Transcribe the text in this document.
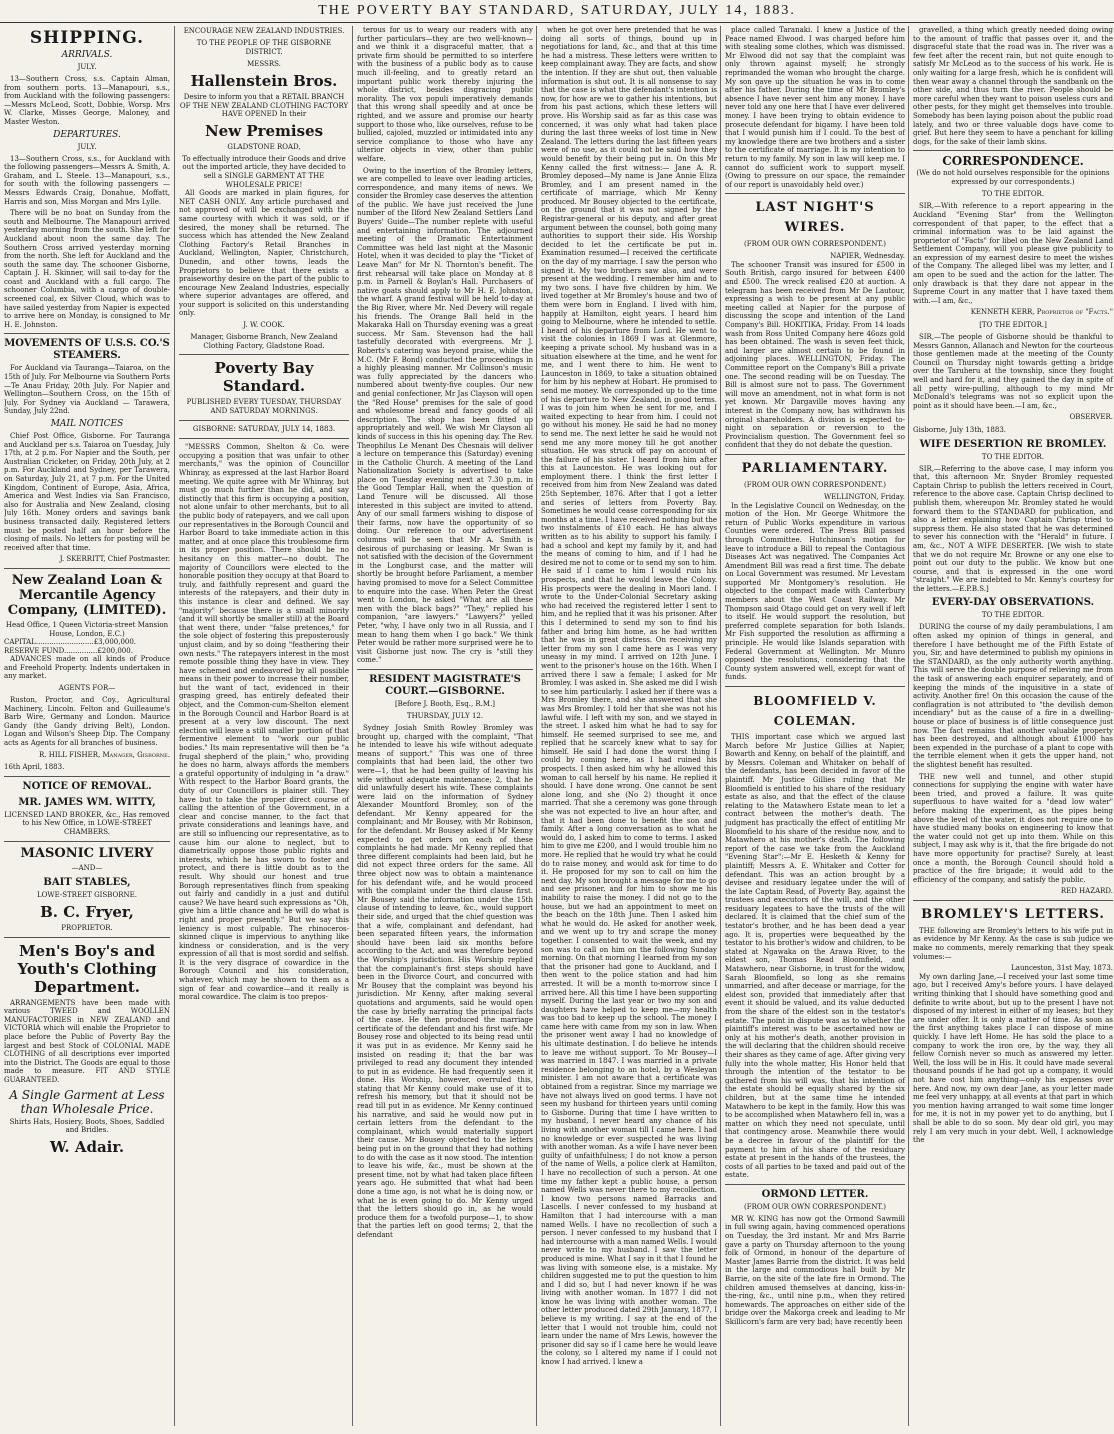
THE POVERTY BAY STANDARD, SATURDAY, JULY 14, 1883.
SHIPPING.
ARRIVALS.
JULY.

13—Southern Cross, s.s. Captain Alman, from southern ports. 13—Manapouri, s.s., from Auckland with the following passengers:—Messrs McLeod, Scott, Dobbie, Worsp. Mrs W. Clarke, Misses George, Maloney, and Master Weston.

DEPARTURES.
JULY.

13—Southern Cross, s.s., for Auckland with the following passengers—Messrs A. Smith, A. Graham, and L. Steele. 13—Manapouri, s.s., for south with the following passengers — Messrs Edwards Craig, Donahue, Moffatt, Harris and son, Miss Morgan and Mrs Lylle.

There will be no boat on Sunday from the south and Melbourne. The Manapouri arrived yesterday morning from the south. She left for Auckland about noon the same day. The Southern Cross arrived yesterday morning from the north. She left for Auckland and the south the same day. The schooner Gisborne, Captain J. H. Skinner, will sail to-day for the coast and Auckland with a full cargo. The schooner Columbia, with a cargo of double-screened coal, ex Silver Cloud, which was to have sailed yesterday from Napier is expected to arrive here on Monday, is consigned to Mr H. E. Johnston.

MOVEMENTS OF U.S.S. CO.'S STEAMERS.

For Auckland via Tauranga—Taiaroa, on the 15th of July. For Melbourne via Southern Ports—Te Anau Friday, 20th July. For Napier and Wellington—Southern Cross, on the 15th of July. For Sydney via Auckland — Tarawera, Sunday, July 22nd.

MAIL NOTICES

Chief Post Office, Gisborne. For Tauranga and Auckland per s.s. Taiaroa on Tuesday, July 17th, at 2 p.m. For Napier and the South, per Australian Cricketer, on Friday, 20th July, at 2 p.m. For Auckland and Sydney, per Tarawera, on Saturday, July 21, at 7 p.m. For the United Kingdom, Continent of Europe, Asia, Africa, America and West Indies via San Francisco, also for Australia and New Zealand, closing July 16th. Money orders and savings bank business transacted daily. Registered letters must be posted half an hour before the closing of mails. No letters for posting will be received after that time.

J. SKERRITT, Chief Postmaster.
New Zealand Loan & Mercantile Agency Company, (LIMITED).
Head Office, 1 Queen Victoria-street Mansion House, London, E.C.)
CAPITAL..........................£3,000,000.
RESERVE FUND...............£200,000.

ADVANCES made on all kinds of Produce and Freehold Property. Indents undertaken in any market.

AGENTS FOR—

Ruston, Proctor, and Coy., Agricultural Machinery, Lincoln. Felton and Guilleaume's Barb Wire, Germany and London. Maurice Gandy (the Gandy driving Belt), London. Logan and Wilson's Sheep Dip. The Company acts as Agents for all branches of business.

R. HILL FISHER, Manager, Gisborne.
16th April, 1883.
NOTICE OF REMOVAL.
MR. JAMES WM. WITTY,
LICENSED LAND BROKER, &c., Has removed to his New Office, in LOWE-STREET CHAMBERS.
MASONIC LIVERY
—AND—
BAIT STABLES,
LOWE-STREET GISBORNE.
B. C. Fryer,
PROPRIETOR.
Men's Boy's and Youth's Clothing Department.

ARRANGEMENTS have been made with various TWEED and WOOLLEN MANUFACTORIES in NEW ZEALAND and VICTORIA which will enable the Proprietor to place before the Public of Poverty Bay the largest and best Stock of COLONIAL MADE CLOTHING of all descriptions ever imported into the District. The Goods are equal to those made to measure. FIT AND STYLE GUARANTEED.

A Single Garment at Less than Wholesale Price.
Shirts Hats, Hosiery, Boots, Shoes, Saddled and Bridles.
W. Adair.
ENCOURAGE NEW ZEALAND INDUSTRIES.
TO THE PEOPLE OF THE GISBORNE DISTRICT.
MESSRS.
Hallenstein Bros.
Desire to inform you that a RETAIL BRANCH OF THE NEW ZEALAND CLOTHING FACTORY HAVE OPENED In their
New Premises
GLADSTONE ROAD,
To effectually introduce their Goods and drive out the imported article, they have decided to sell a SINGLE GARMENT AT THE WHOLESALE PRICE!

All Goods are marked in plain figures, for NET CASH ONLY. Any article purchased and not approved of will be exchanged with the same courtesy with which it was sold, or if desired, the money shall be returned. The success which has attended the New Zealand Clothing Factory's Retail Branches in Auckland, Wellington, Napier, Christchurch, Dunedin, and other towns, leads the Proprietors to believe that there exists a praiseworthy desire on the part of the public to encourage New Zealand Industries, especially where superior advantages are offered, and your support is solicited on this understanding only.

J. W. COOK.
Manager, Gisborne Branch, New Zealand Clothing Factory, Gladstone Road.
Poverty Bay Standard.
PUBLISHED EVERY TUESDAY, THURSDAY AND SATURDAY MORNINGS.
GISBORNE: SATURDAY, JULY 14, 1883.

"MESSRS Common, Shelton & Co. were occupying a position that was unfair to other merchants," was the opinion of Councillor Whinray, as expressed at the last Harbor Board meeting. We quite agree with Mr Whinray, but must go much further than he did, and say distinctly that this firm is occupying a position, not alone unfair to other merchants, but to all the public body of ratepayers, and we call upon our representatives in the Borough Council and Harbor Board to take immediate action in this matter, and at once place this troublesome firm in its proper position. There should be no hesitancy on this matter—no doubt. The majority of Councillors were elected to the honorable position they occupy at that Board to truly, and faithfully represent and guard the interests of the ratepayers, and their duty in this instance is clear and defined. We say "majority" because there is a small minority (and it will shortly be smaller still) at the Board that went there, under "false pretences," for the sole object of fostering this preposterously unjust claim, and by so doing "feathering their own nests." The ratepayers interest in the most remote possible thing they have in view. They have schemed and endeavored by all possible means in their power to increase their number, but the want of tact, evidenced in their grasping greed, has entirely defeated their object, and the Common-cum-Shelton element in the Borough Council and Harbor Board is at present at a very low discount. The next election will leave a still smaller portion of that fermentive element to "work our public bodies." Its main representative will then be "a frugal shepherd of the plain," who, providing he does no harm, always affords the members a grateful opportunity of indulging in "a draw." With respect to the Harbor Board grants, the duty of our Councillors is plainer still. They have but to take the proper direct course of calling the attention of the Government, in a clear and concise manner, to the fact that private considerations and leanings have, and are still so influencing our representative, as to cause him our alone to neglect, but to diametrically oppose those public rights and interests, which he has sworn to foster and protect, and there is little doubt as to the result. Why should our honest and true Borough representatives flinch from speaking out fairly and candidly in a just and dutiful cause? We have heard such expressions as "Oh, give him a little chance and he will do what is right and proper presently." But we say this leniency is most culpable. The rhinoceros-skinned clique is impervious to anything like kindness or consideration, and is the very expression of all that is most sordid and selfish. It is the very disgrace of cowardice in the Borough Council and his consideration, whatever, which may be shown to them as a sign of fear and cowardice—and it really is moral cowardice. The claim is too prepos-

terous for us to weary our readers with any further particulars—they are two well-known—and we think it a disgraceful matter, that a private firm should be permitted to so interfere with the business of a public body as to cause much ill-feeling, and to greatly retard an important public work thereby injuring the whole district, besides disgracing public morality. The vox populi imperatively demands that this wrong shall speedily and at once be righted, and we assure and promise our hearty support to those who, like ourselves, refuse to be bullied, cajoled, muzzled or intimidated into any service compliance to those who have any ulterior objects in view, other than public welfare.

Owing to the insertion of the Bromley letters, we are compelled to leave over leading articles, correspondence, and many items of news. We consider the Bromley case deserves the attention of the public. We have just received the June number of the Ilford New Zealand Settlers Land Buyers' Guide—The number replete with useful and entertaining information. The adjourned meeting of the Dramatic Entertainment Committee was held last night at the Masonic Hotel, when it was decided to play the "Ticket of Leave Man" for Mr N. Thornton's benefit. The first rehearsal will take place on Monday at 8 p.m. in Parnell & Boylan's Hall. Purchasers of native goats should apply to Mr H. E. Johnston, the wharf. A grand festival will be held to-day at the Big River, where Mr. Ned Devery will regale his friends. The Orange Ball held in the Makaraka Hall on Thursday evening was a great success. Mr Sam. Stevenson had the hall tastefully decorated with evergreens. Mr J. Roberts's catering was beyond praise, while the M.C. (Mr F. Bond) conducted the proceedings in a highly pleasing manner. Mr Collinson's music was fully appreciated by the dancers who numbered about twenty-five couples. Our new and genial confectioner, Mr Jas Clayson will open the "Red House" premises for the sale of good and wholesome bread and fancy goods of all description. The shop has been fitted up appropriately and well. We wish Mr Clayson all kinds of success in this his opening day. The Rev. Theophilus Le Menant Des Chesnais will deliver a lecture on temperance this (Saturday) evening in the Catholic Church. A meeting of the Land Nationalization Society is advertised to take place on Tuesday evening next at 7.30 p.m. in the Good Templar Hall, when the question of Land Tenure will be discussed. All those interested in this subject are invited to attend. Any of our small farmers wishing to dispose of their farms, now have the opportunity of so doing. Our reference to our advertisement columns will be seen that Mr A. Smith is desirous of purchasing or leasing. Mr Swan is not satisfied with the decision of the Government in the Longburst case, and the matter will shortly be brought before Parliament, a member having promised to move for a Select Committee to enquire into the case. When Peter the Great went to London, he asked "What are all these men with the black bags?" "They," replied his companion, "are lawyers." "Lawyers?" yelled Peter, "why, I have only two in all Russia, and I mean to hang them when I go back." We think Peter would be rather more surprised were he to visit Gisborne just now. The cry is "still they come."

RESIDENT MAGISTRATE'S COURT.—GISBORNE.
[Before J. Booth, Esq., R.M.]
THURSDAY, JULY 12.

Sydney Josiah Smith Rowley Bromley was brought up, charged with the complaint, "That he intended to leave his wife without adequate means of support." This was one of three complaints that had been laid, the other two were—1, that he had been guilty of leaving his wife without adequate maintenance; 2, that he did unlawfully desert his wife. These complaints were laid on the information of Sydney Alexander Mountford Bromley, son of the defendant. Mr Kenny appeared for the complainant; and Mr Bousey, with Mr Robinson, for the defendant. Mr Bousey asked if Mr Kenny expected to get orders on each of these complaints he had made. Mr Kenny replied that three different complaints had been laid, but he did not expect three orders for the same. All three object now was to obtain a maintenance for his defendant wife, and he would proceed with the complaint under the third clause first. Mr Bousey said the information under the 15th clause of intending to leave, &c., would support their side, and urged that the chief question was that a wife, complainant and defendant, had been separated fifteen years, the information should have been laid six months before according to the Act, and was therefore beyond the Worship's jurisdiction. His Worship replied that the complainant's first steps should have been in the Divorce Court, and concurred with Mr Bousey that the complaint was beyond his jurisdiction. Mr Kenny, after making several quotations and arguments, said he would open the case by briefly narrating the principal facts of the case. He then produced the marriage certificate of the defendant and his first wife. Mr Bousey rose and objected to its being read until it was put in as evidence. Mr Kenny said he insisted on reading it; that the bar was privileged to read any document they intended to put in as evidence. He had frequently seen it done. His Worship, however, overruled this, stating that Mr Kenny could make use of it to refresh his memory, but that it should not be read till put in as evidence. Mr Kenny continued his narrative, and said he would now put in certain letters from the defendant to the complainant, which would materially support their cause. Mr Bousey objected to the letters being put in on the ground that they had nothing to do with the case as it now stood. The intention to leave his wife, &c., must be shown at the present time, not by what had taken place fifteen years ago. He submitted that what had been done a time ago, is not what he is doing now, or what he is even going to do. Mr Kenny urged that the letters should go in, as he would produce them for a twofold purpose—1, to show that the parties left on good terms; 2, that the defendant

when he got over here pretended that he was doing all sorts of things, bound up in negotiations for land, &c., and that at this time he had a mistress. These letters were written to keep complainant away. They are facts, and show the intention. If they are shut out, then valuable information is shut out. It is all nonsense to say that the case is what the defendant's intention is now, for how are we to gather his intentions, but from his past actions, which these letters will prove. His Worship said as far as this case was concerned, it was only what had taken place during the last three weeks of lost time in New Zealand. The letters during the last fifteen years were of no use, as it could not be said how they would benefit by their being put in. On this Mr Kenny called the first witness:— Jane A. R. Bromley deposed—My name is Jane Annie Eliza Bromley, and I am present named in the certificate of marriage, which Mr Kenny produced. Mr Bousey objected to the certificate, on the ground that it was not signed by the Registrar-general or his deputy, and after great argument between the counsel, both going many authorities to support their side. His Worship decided to let the certificate be put in. Examination resumed—I received the certificate on the day of my marriage. I saw the person who signed it. My two brothers saw also, and were present at the wedding. I remember him and to my two sons. I have five children by him. We lived together at Mr Bromley's house and two of them were born in England. I lived with him, happily at Hamilton, eight years. I heard him going to Melbourne, where he intended to settle. I heard of his departure from Lord. He went to visit the colonies in 1869 I was at Glenmore, keeping a private school. My husband was in a situation elsewhere at the time, and he went for me, and I went there to him. He went to Launceston in 1869, to take a situation obtained for him by his nephew at Hobart. He promised to send me money. We corresponded up to the time of his departure to New Zealand, in good terms. I was to join him when he sent for me, and I waited expecting to hear from him. I could not go without his money. He said he had no money to send me. The next letter he said he would not send me any more money till he got another situation. He was struck off pay on account of the failure of his sister. I heard from him after this at Launceston. He was looking out for employment there. I think the first letter I received from him from New Zealand was dated 25th September, 1876. After that I got a letter and series of letters from Poverty Bay. Sometimes he would cease corresponding for six months at a time. I have received nothing but the two instalments of £10 each. He has always written as to his ability to support his family. I had a school and kept my family by it, and had the means of coming to him, and if I had he desired me not to come or to send my son to him. He said if I came to him I would ruin his prospects, and that he would leave the Colony. His prospects were the dealing in Maori land. I wrote to the Under-Colonial Secretary asking who had received the registered letter I sent to him, and he replied that it was his prisoner. After this I determined to send my son to find his father and bring him home, as he had written that he was in great distress. On receiving my letter from my son I came here as I was very uneasy in my mind. I arrived on 12th June. I went to the prisoner's house on the 16th. When I arrived there I saw a female; I asked for Mr Bromley. I was asked in. She asked me did I wish to see him particularly. I asked her if there was a Mrs Bromley there, and she answered that she was Mrs Bromley. I told her that she was not his lawful wife. I left with my son, and we stayed in the street. I asked him what he had to say for himself. He seemed surprised to see me, and replied that he scarcely knew what to say for himself. He said I had done the worst thing I could by coming here, as I had ruined his prospects. I then asked him why he allowed this woman to call herself by his name. He replied it should. I have done wrong. One cannot be sent alone long, and she (No 2) thought it once married. That she a ceremony was gone through she was not expected to live an hour after, and that it had been done to benefit the son and family. After a long conversation as to what he would do, I asked him to come to terms. I asked him to give me £200, and I would trouble him no more. He replied that he would try what he could do to raise money, and would ask for time to do it. He proposed for my son to call on him the next day. My son brought a message for me to go and see prisoner, and for him to show me his inability to raise the money. I did not go to the house, but we had an appointment to meet on the beach on the 18th June. Then I asked him what he would do. He asked for another week, and we went up to try and scrape the money together. I consented to wait the week, and my son was to call on him on the following Sunday morning. On that morning I learned from my son that the prisoner had gone to Auckland, and I then went to the police station and had him arrested. It will be a month to-morrow since I arrived here. All this time I have been supporting myself. During the last year or two my son and daughters have helped to keep me—my health was too bad to keep up the school. The money I came here with came from my son in law. When the prisoner went away I had no knowledge of his ultimate destination. I do believe he intends to leave me without support. To Mr Bousey—I was married in 1847. I was married in a private residence belonging to an hotel, by a Wesleyan minister. I am not aware that a certificate was obtained from a registrar. Since my marriage we have not always lived on good terms. I have not seen my husband for thirteen years until coming to Gisborne. During that time I have written to my husband, I never heard any chance of his living with another woman till I came here. I had no knowledge or ever suspected he was living with another woman. As a wife I have never been guilty of unfaithfulness; I do not know a person of the name of Wells, a police clerk at Hamilton, I have no recollection of such a person. At one time my father kept a public house, a person named Wells was never there to my recollection. I know two persons named Barracks and Lascells. I never confessed to my husband at Hamilton that I had intercourse with a man named Wells. I have no recollection of such a person. I never confessed to my husband that I had intercourse with a man named Wells. I would never write to my husband. I saw the letter produced is mine. What I say in it that I found he was living with someone else, is a mistake. My children suggested me to put the question to him and I did so, but I had never known if he was living with another woman. In 1877 I did not know he was living with another woman. The other letter produced dated 29th January, 1877, I believe is my writing. I say at the end of the letter that I would not trouble him, could not learn under the name of Mrs Lewis, however the prisoner did say so if I came here he would leave the colony, so I altered my name if I could not know I had arrived. I knew a

place called Taranaki. I knew a Justice of the Peace named Elwood. I was charged before him with stealing some clothes, which was dismissed. Mr Elwood did not say that the complaint was only thrown against myself; he strongly reprimanded the woman who brought the charge. My son gave up the situation he was in to come after his father. During the time of Mr Bromley's absence I have never sent him any money. I have never told any one here that I have ever delivered money. I have been trying to obtain evidence to prosecute defendant for bigamy. I have been told that I would punish him if I could. To the best of my knowledge there are two brothers and a sister to the certificate of marriage. It is my intention to return to my family. My son in law will keep me. I cannot do sufficient work to support myself. (Owing to pressure on our space, the remainder of our report is unavoidably held over.)

LAST NIGHT'S WIRES.
(FROM OUR OWN CORRESPONDENT.)
NAPIER, Wednesday.

The schooner Transit was insured for £500 in South British, cargo insured for between £400 and £500. The wreck realised £20 at auction. A telegram has been received from Mr De Lautour, expressing a wish to be present at any public meeting called at Napier for the purpose of discussing the scope and intention of the Land Company's Bill. HOKITIKA, Friday. From 14 loads wash from Ross United Company here 46ozs gold has been obtained. The wash is seven feet thick, and larger are almost certain to be found in adjoining places. WELLINGTON, Friday. The Committee report on the Company's Bill a private one. The second reading will be on Tuesday. The Bill is almost sure not to pass. The Government will move an amendment, not in what form is not yet known. Mr Dargaville moves having any interest in the Company now, has withdrawn his original shareholders. A division is expected to-night on separation or reversion to the Provincialism question. The Government feel so confident that they do not debate the question.

PARLIAMENTARY.
(FROM OUR OWN CORRESPONDENT.)
WELLINGTON, Friday.

In the Legislative Council on Wednesday, on the motion of the Hon. Mr George Whitmore the return of Public Works expenditure in various Counties were ordered. The Press Bill passed through Committee. Hutchinson's motion for leave to introduce a Bill to repeal the Contagious Diseases Act was negatived. The Companies Act Amendment Bill was read a first time. The debate on Local Government was resumed. Mr Levestam supported Mr Montgomery's resolution. He objected to the compact made with Canterbury members about the West Coast Railway. Mr Thompson said Otago could get on very well if left to itself. He would support the resolution, but preferred complete separation for both Islands. Mr Fish supported the resolution as affirming a principle. He would like Islands separation with Federal Government at Wellington. Mr Munro opposed the resolutions, considering that the County system answered well, except for want of funds.

BLOOMFIELD V. COLEMAN.

THIS important case which we argued last March before Mr Justice Gillies at Napier, Bowarth and Kenny, on behalf of the plaintiff, and by Messrs. Coleman and Whitaker on behalf of the defendants, has been decided in favor of the plaintiff. Mr Justice Gillies ruling that Mr Bloomfield is entitled to his share of the residuary estate as also, and that the effect of the clause relating to the Matawhero Estate mean to let a contract between the mother's death. The judgment has practically the effect of entitling Mr Bloomfield to his share of the residue now, and to Matawhero at his mother's death. The following report of the case we take from the Auckland "Evening Star":—Mr E. Hesketh & Kenny for plaintiff; Messrs A. E. Whitaker and Cotter for defendant. This was an action brought by a devisee and residuary legatee under the will of the late Captain Read, of Poverty Bay, against the trustees and executors of the will, and the other residuary legatees to have the trusts of the will declared. It is claimed that the chief sum of the testator's brother, and he has been dead a year ago. It is, properties were bequeathed by the testator to his brother's widow and children, to be stated at Ngawaka on the Arawa River, to the eldest son, Thomas Read Bloomfield, and Matawhero, near Gisborne, in trust for the widow, Sarah Bloomfield, so long as she remains unmarried, and after decease or marriage, for the eldest son, provided that immediately after that event it should be valued, and its value deducted from the share of the eldest son in the testator's estate. The point in dispute was as to whether the plaintiff's interest was to be ascertained now or only at his mother's death, another provision in the will declaring that the children should receive their shares as they came of age. After giving very fully into the whole matter, His Honor held that through the intention of the testator to be gathered from his will was, that his intention of the estate should be equally shared by the six children, but at the same time he intended Matawhero to be kept in the family. How this was to be accomplished when Matawhero fell in, was a matter on which they need not speculate, until that contingency arose. Meanwhile there would be a decree in favour of the plaintiff for the payment to him of his share of the residuary estate at present in the hands of the trustees, the costs of all parties to be taxed and paid out of the estate.

ORMOND LETTER.
(FROM OUR OWN CORRESPONDENT.)

MR W. KING has now got the Ormond Sawmill in full swing again, having commenced operations on Tuesday, the 3rd instant. Mr and Mrs Barrie gave a party on Thursday afternoon to the young folk of Ormond, in honour of the departure of Master James Barrie from the district. It was held in the large and commodious hall built by Mr Barrie, on the site of the late fire in Ormond. The children amused themselves at dancing, kiss-in-the-ring, &c., until nine p.m., when they retired homewards. The approaches on either side of the bridge over the Makorga creek and leading to Mr Skillicorn's farm are very bad; have recently been

gravelled, a thing which greatly needed doing owing to the amount of traffic that passes over it, and the disgraceful state that the road was in. The river was a few feet after the recent rain, but not quite enough to satisfy Mr McLeod as to the success of his work. He is only waiting for a large fresh, which he is confident will then wear away a channel through the sandbank on the other side, and thus turn the river. People should be more careful when they want to poison useless curs and other pests, for they might get themselves into trouble. Somebody has been laying poison about the public road lately, and two or three valuable dogs have come to grief. But here they seem to have a penchant for killing dogs, for the sake of their lamb skins.

CORRESPONDENCE.
(We do not hold ourselves responsible for the opinions expressed by our correspondents.)
TO THE EDITOR.

SIR,—With reference to a report appearing in the Auckland "Evening Star" from the Wellington correspondent of that paper, to the effect that a criminal information was to be laid against the proprietor of "Facts" for libel on the New Zealand Land Settlement Company, will you please give publicity to an expression of my earnest desire to meet the wishes of the Company. The alleged libel was my letter, and I am open to be sued and the action for the latter. The only drawback is that they dare not appear in the Supreme Court in any matter that I have taxed them with.—I am, &c.,

KENNETH KERR, Proprietor of "Facts."
[TO THE EDITOR.]

SIR,—The people of Gisborne should be thankful to Messrs Gannon, Allanach and Newton for the courteous those gentlemen made at the meeting of the County Council on Thursday night towards getting a bridge over the Taruheru at the township, since they fought well and hard for it, and they gained the day in spite of all petty wire-pulling, although to my mind Mr McDonald's telegrams was not so explicit upon the point as it should have been.—I am, &c.,

OBSERVER.
Gisborne, July 13th, 1883.
WIFE DESERTION RE BROMLEY.
TO THE EDITOR.

SIR,—Referring to the above case, I may inform you that, this afternoon Mr. Snyder Bromley requested Captain Chrisp to publish the letters received in Court, reference to the above case. Captain Chrisp declined to publish them, whereupon Mr. Bromley stated he would forward them to the STANDARD for publication, and also a letter explaining how Captain Chrisp tried to suppress them. He also stated that he was determined to sever his connection with the "Herald" in future. I am, &c., NOT A WIFE DESERTER. [We wish to state that we do not require Mr. Browne or any one else to point out our duty to the public. We know but one course, and that is expressed in the one word "straight." We are indebted to Mr. Kenny's courtesy for the letters.—E.P.B.S.]

EVERY-DAY OBSERVATIONS.
TO THE EDITOR.

DURING the course of my daily perambulations, I am often asked my opinion of things in general, and therefore I have bethought me of the Fifth Estate of you, Sir, and have determined to publish my opinions in the STANDARD, as the only authority worth anything. This will serve the double purpose of relieving me from the task of answering each enquirer separately, and of keeping the minds of the inquisitive in a state of activity. Another fire! On this occasion the cause of the conflagration is not attributed to "the devilish demon incendiary" but as the cause of a fire in a dwelling-house or place of business is of little consequence just now. The fact remains that another valuable property has been destroyed, and although about £1000 has been expended in the purchase of a plant to cope with the terrible element when it gets the upper hand, not the slightest benefit has resulted.

THE new well and tunnel, and other stupid connections for supplying the engine with water have been tried, and proved a failure. It was quite superfluous to have waited for a "dead low water" before making the experiment, as the pipes being above the level of the water, it does not require one to have studied many books on engineering to know that the water could not get up into them. While on this subject, I may ask why is it, that the fire brigade do not have more opportunity for practise? Surely, at least once a month, the Borough Council should hold a practice of the fire brigade; it would add to the efficiency of the company, and satisfy the public.

RED HAZARD.
BROMLEY'S LETTERS.

THE following are Bromley's letters to his wife put in as evidence by Mr Kenny. As the case is sub judice we make no comments, merely remarking that they speak volumes:—

Launceston, 31st May, 1873.

My own darling Jane,—I received your last some time ago, but I received Amy's before yours. I have delayed writing thinking that I should have something good and definite to write about, but up to the present I have not disposed of my interest in either of my leases; but they are under offer. It is only a matter of time. As soon as the first anything takes place I can dispose of mine quickly. I have left Home. He has sold the place to a company to work the iron ore, by the way, they all fellow Cornish never so much as answered my letter. Well, the loss will be in His. It could have made several thousand pounds if he had got up a company, it would not have cost him anything—only his expenses over here. And now, my own dear Jane, as your letter made me feel very unhappy, at all events at that part in which you mention having arranged to wait some time longer for me, it is not in my power yet to do anything, but I shall be able to do so soon. My dear old girl, you may rely I am very much in your debt. Well, I acknowledge the
